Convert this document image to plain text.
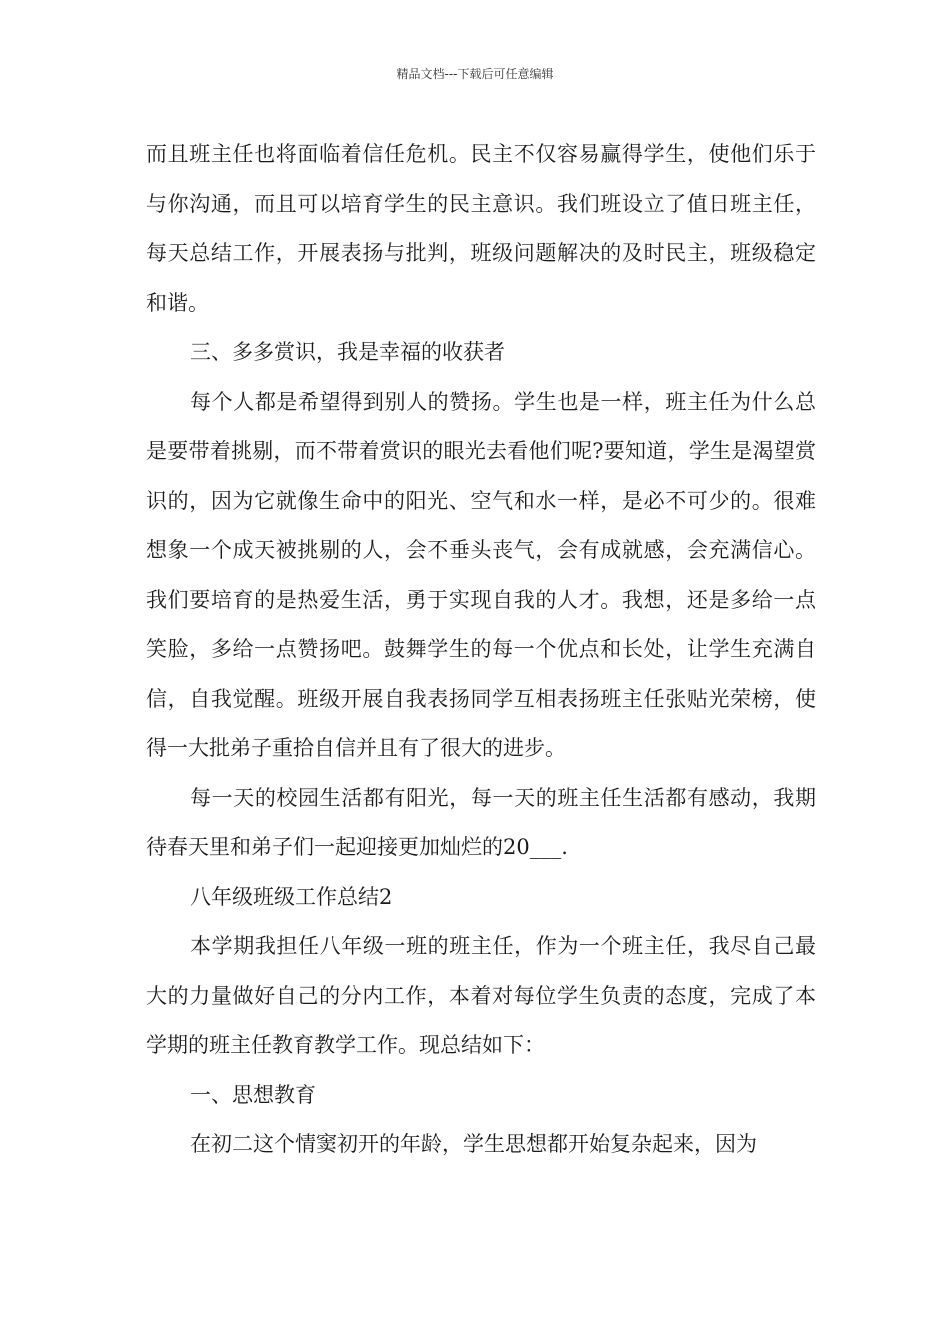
精品文档---下载后可任意编辑

而且班主任也将面临着信任危机。民主不仅容易赢得学生，使他们乐于与你沟通，而且可以培育学生的民主意识。我们班设立了值日班主任，每天总结工作，开展表扬与批判，班级问题解决的及时民主，班级稳定和谐。

三、多多赏识，我是幸福的收获者

每个人都是希望得到别人的赞扬。学生也是一样，班主任为什么总是要带着挑剔，而不带着赏识的眼光去看他们呢?要知道，学生是渴望赏识的，因为它就像生命中的阳光、空气和水一样，是必不可少的。很难想象一个成天被挑剔的人，会不垂头丧气，会有成就感，会充满信心。我们要培育的是热爱生活，勇于实现自我的人才。我想，还是多给一点笑脸，多给一点赞扬吧。鼓舞学生的每一个优点和长处，让学生充满自信，自我觉醒。班级开展自我表扬同学互相表扬班主任张贴光荣榜，使得一大批弟子重拾自信并且有了很大的进步。

每一天的校园生活都有阳光，每一天的班主任生活都有感动，我期待春天里和弟子们一起迎接更加灿烂的20___.

八年级班级工作总结2

本学期我担任八年级一班的班主任，作为一个班主任，我尽自己最大的力量做好自己的分内工作，本着对每位学生负责的态度，完成了本学期的班主任教育教学工作。现总结如下：

一、思想教育

在初二这个情窦初开的年龄，学生思想都开始复杂起来，因为
